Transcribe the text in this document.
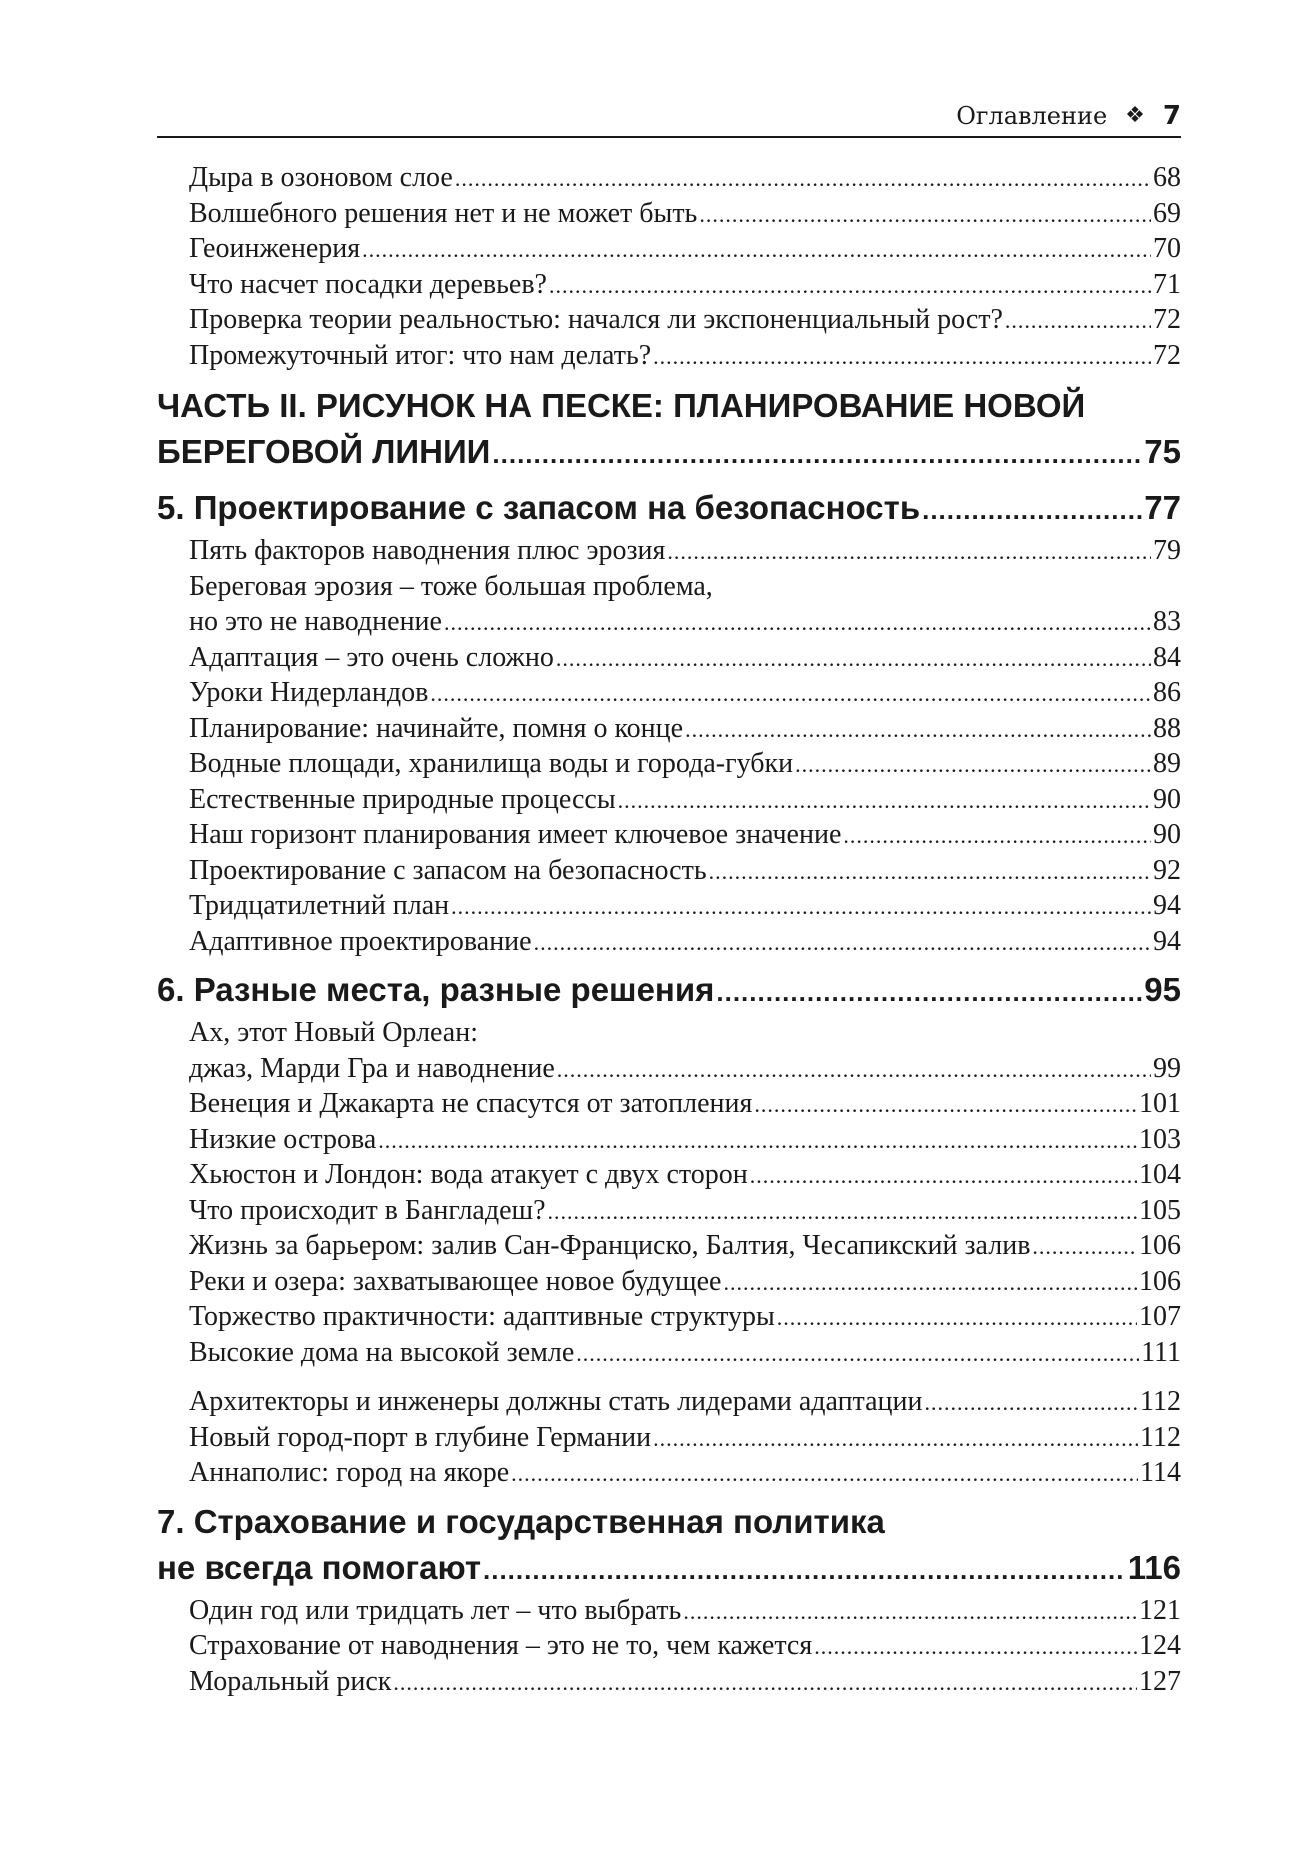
Оглавление ❖ 7
Дыра в озоновом слое .....	68
Волшебного решения нет и не может быть .....	69
Геоинженерия .....	70
Что насчет посадки деревьев? .....	71
Проверка теории реальностью: начался ли экспоненциальный рост? .....	72
Промежуточный итог: что нам делать? .....	72
ЧАСТЬ II. РИСУНОК НА ПЕСКЕ: ПЛАНИРОВАНИЕ НОВОЙ
БЕРЕГОВОЙ ЛИНИИ .....	75
5. Проектирование с запасом на безопасность .....	77
Пять факторов наводнения плюс эрозия .....	79
Береговая эрозия – тоже большая проблема,
но это не наводнение .....	83
Адаптация – это очень сложно .....	84
Уроки Нидерландов .....	86
Планирование: начинайте, помня о конце .....	88
Водные площади, хранилища воды и города-губки .....	89
Естественные природные процессы .....	90
Наш горизонт планирования имеет ключевое значение .....	90
Проектирование с запасом на безопасность .....	92
Тридцатилетний план .....	94
Адаптивное проектирование .....	94
6. Разные места, разные решения .....	95
Ах, этот Новый Орлеан:
джаз, Марди Гра и наводнение .....	99
Венеция и Джакарта не спасутся от затопления .....	101
Низкие острова .....	103
Хьюстон и Лондон: вода атакует с двух сторон .....	104
Что происходит в Бангладеш? .....	105
Жизнь за барьером: залив Сан-Франциско, Балтия, Чесапикский залив .....	106
Реки и озера: захватывающее новое будущее .....	106
Торжество практичности: адаптивные структуры .....	107
Высокие дома на высокой земле .....	111
Архитекторы и инженеры должны стать лидерами адаптации .....	112
Новый город-порт в глубине Германии .....	112
Аннаполис: город на якоре .....	114
7. Страхование и государственная политика
не всегда помогают .....	116
Один год или тридцать лет – что выбрать .....	121
Страхование от наводнения – это не то, чем кажется .....	124
Моральный риск .....	127
